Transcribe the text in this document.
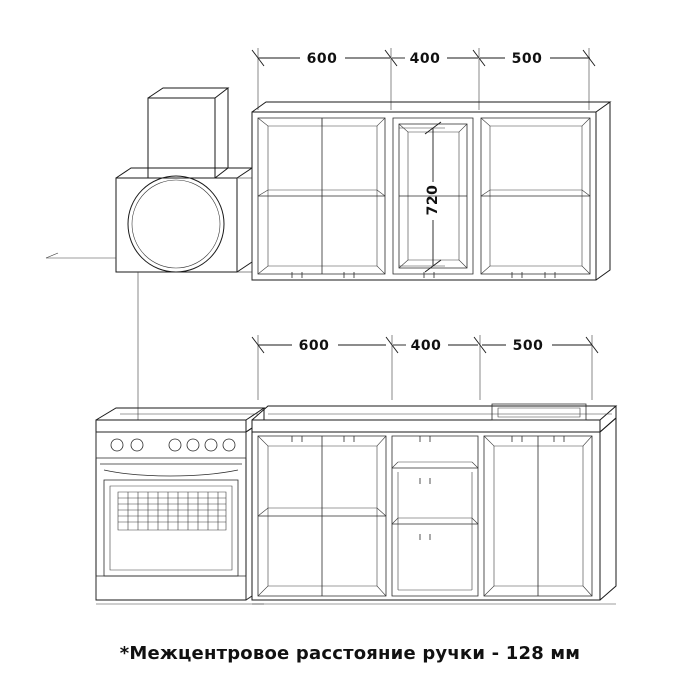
600	400	500
720
600	400	500
*Межцентровое расстояние ручки - 128 мм
